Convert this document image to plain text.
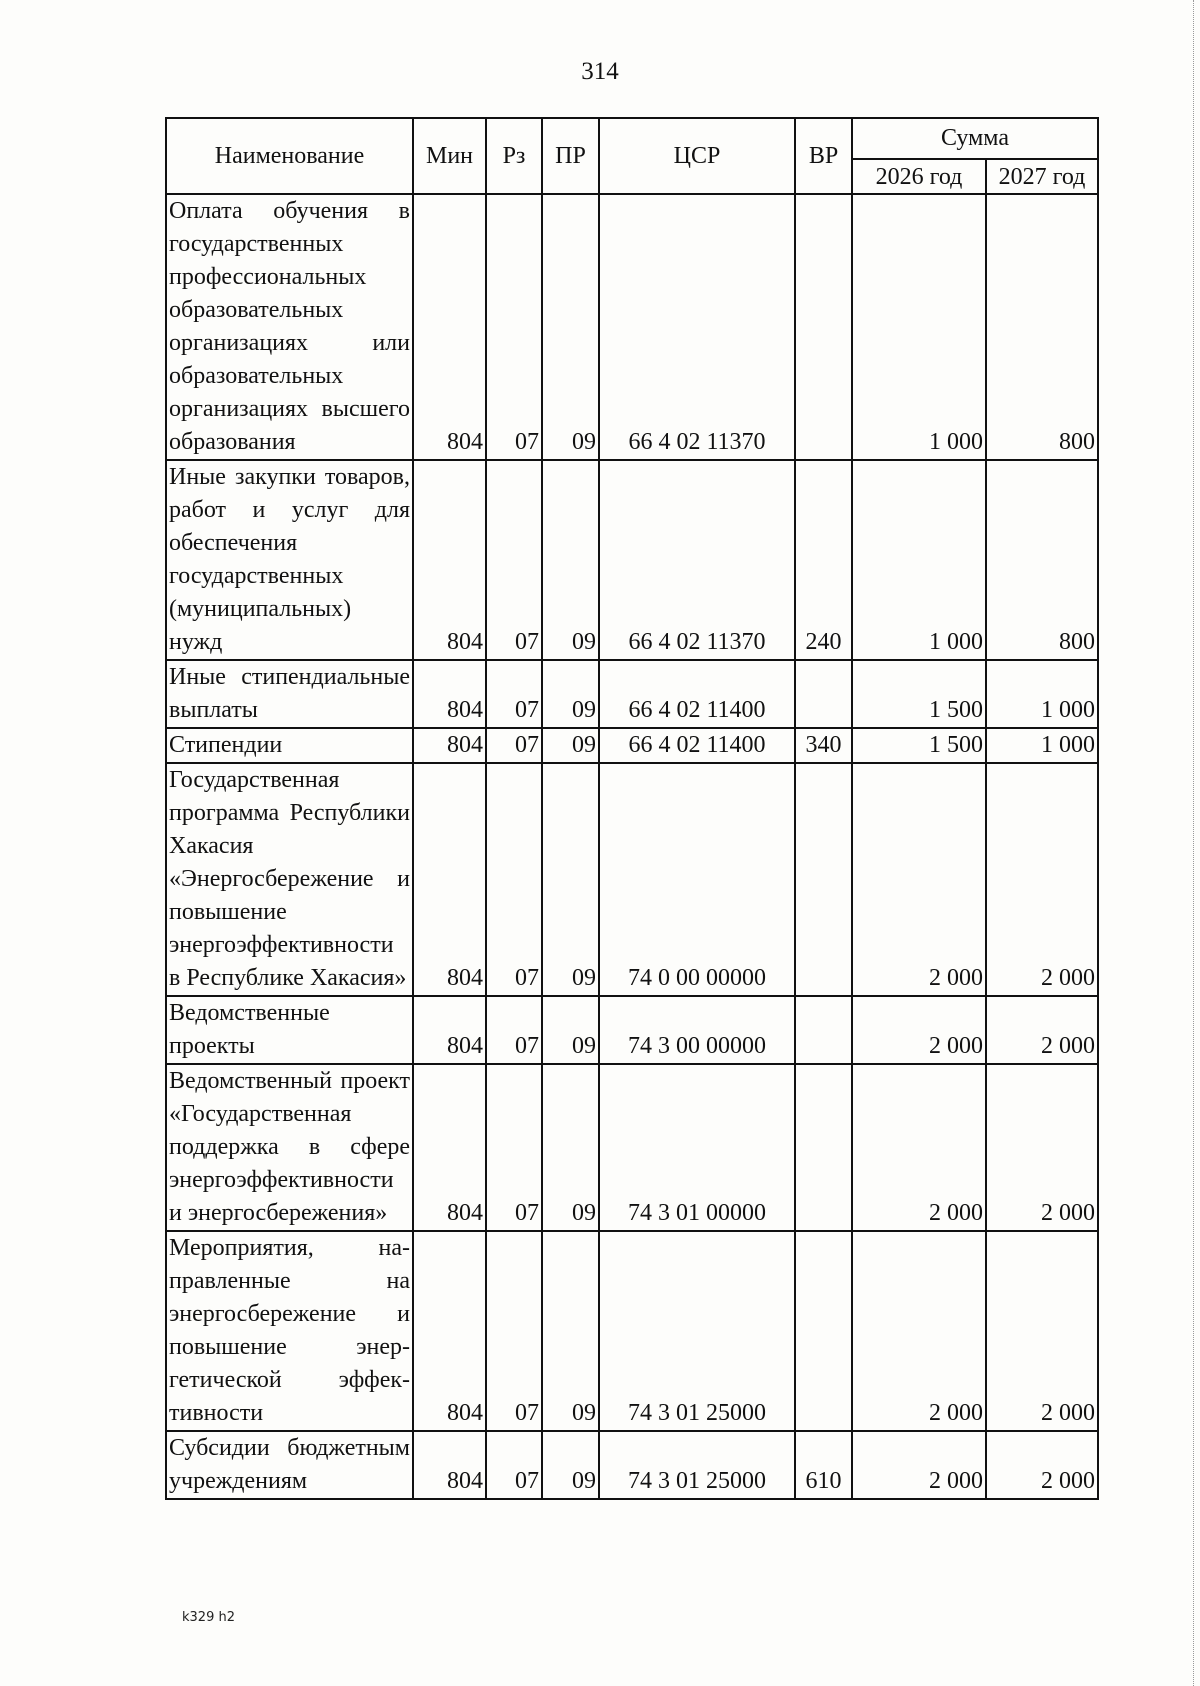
314
Наименование	Мин	Рз	ПР	ЦСР	ВР	Сумма	
						2026 год	2027 год
Оплата обучения в государственных профессиональных образовательных организациях или образовательных организациях высшего образования	804	07	09	66 4 02 11370		1 000	800
Иные закупки товаров, работ и услуг для обеспечения государственных (муниципальных) нужд	804	07	09	66 4 02 11370	240	1 000	800
Иные стипендиальные выплаты	804	07	09	66 4 02 11400		1 500	1 000
Стипендии	804	07	09	66 4 02 11400	340	1 500	1 000
Государственная программа Республики Хакасия «Энергосбережение и повышение энергоэффективности в Республике Хакасия»	804	07	09	74 0 00 00000		2 000	2 000
Ведомственные проекты	804	07	09	74 3 00 00000		2 000	2 000
Ведомственный проект «Государственная поддержка в сфере энергоэффективности и энергосбережения»	804	07	09	74 3 01 00000		2 000	2 000
Мероприятия, направленные на энергосбережение и повышение энергетической эффективности	804	07	09	74 3 01 25000		2 000	2 000
Субсидии бюджетным учреждениям	804	07	09	74 3 01 25000	610	2 000	2 000
k329 h2
